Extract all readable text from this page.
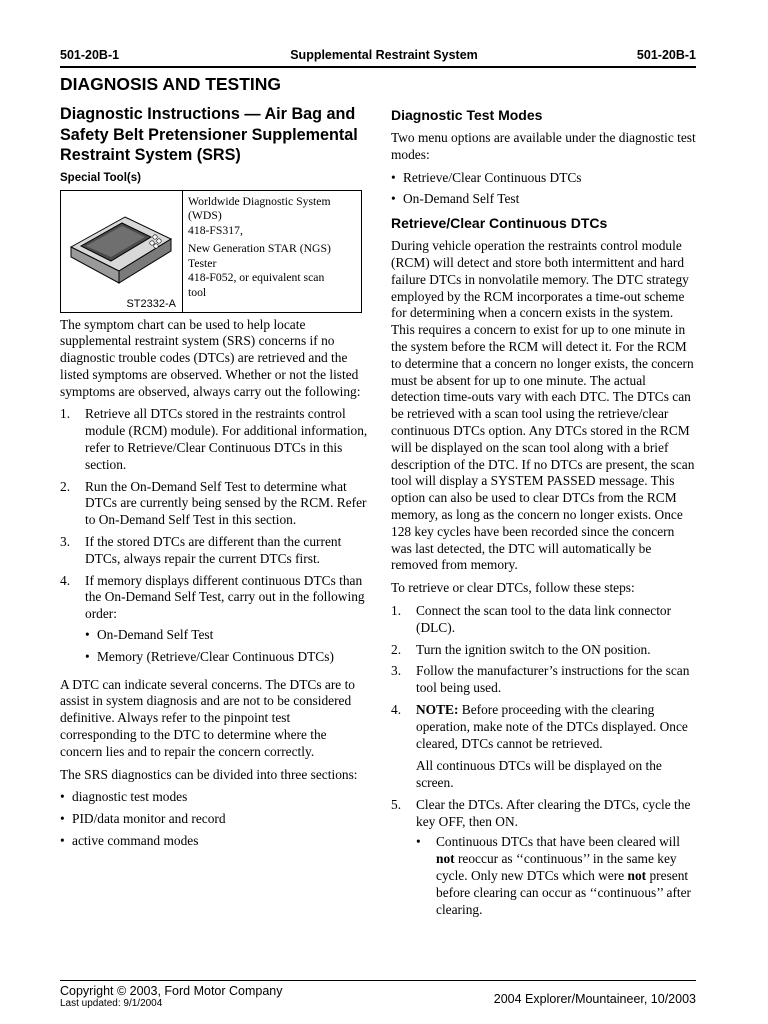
501-20B-1	Supplemental Restraint System	501-20B-1
DIAGNOSIS AND TESTING
Diagnostic Instructions — Air Bag and Safety Belt Pretensioner Supplemental Restraint System (SRS)
Special Tool(s)
ST2332-A
Worldwide Diagnostic System
(WDS)
418-FS317,
New Generation STAR (NGS)
Tester
418-F052, or equivalent scan
tool

The symptom chart can be used to help locate supplemental restraint system (SRS) concerns if no diagnostic trouble codes (DTCs) are retrieved and the listed symptoms are observed. Whether or not the listed symptoms are observed, always carry out the following:

1.	Retrieve all DTCs stored in the restraints control module (RCM) module). For additional information, refer to Retrieve/Clear Continuous DTCs in this section.
2.	Run the On-Demand Self Test to determine what DTCs are currently being sensed by the RCM. Refer to On-Demand Self Test in this section.
3.	If the stored DTCs are different than the current DTCs, always repair the current DTCs first.
4.	If memory displays different continuous DTCs than the On-Demand Self Test, carry out in the following order:
• On-Demand Self Test
• Memory (Retrieve/Clear Continuous DTCs)

A DTC can indicate several concerns. The DTCs are to assist in system diagnosis and are not to be considered definitive. Always refer to the pinpoint test corresponding to the DTC to determine where the concern lies and to repair the concern correctly.

The SRS diagnostics can be divided into three sections:

• diagnostic test modes
• PID/data monitor and record
• active command modes
Diagnostic Test Modes

Two menu options are available under the diagnostic test modes:

• Retrieve/Clear Continuous DTCs
• On-Demand Self Test
Retrieve/Clear Continuous DTCs

During vehicle operation the restraints control module (RCM) will detect and store both intermittent and hard failure DTCs in nonvolatile memory. The DTC strategy employed by the RCM incorporates a time-out scheme for determining when a concern exists in the system. This requires a concern to exist for up to one minute in the system before the RCM will detect it. For the RCM to determine that a concern no longer exists, the concern must be absent for up to one minute. The actual detection time-outs vary with each DTC. The DTCs can be retrieved with a scan tool using the retrieve/clear continuous DTCs option. Any DTCs stored in the RCM will be displayed on the scan tool along with a brief description of the DTC. If no DTCs are present, the scan tool will display a SYSTEM PASSED message. This option can also be used to clear DTCs from the RCM memory, as long as the concern no longer exists. Once 128 key cycles have been recorded since the concern was last detected, the DTC will automatically be removed from memory.

To retrieve or clear DTCs, follow these steps:

1.	Connect the scan tool to the data link connector (DLC).
2.	Turn the ignition switch to the ON position.
3.	Follow the manufacturer’s instructions for the scan tool being used.
4.	NOTE: Before proceeding with the clearing operation, make note of the DTCs displayed. Once cleared, DTCs cannot be retrieved.
All continuous DTCs will be displayed on the screen.
5.	Clear the DTCs. After clearing the DTCs, cycle the key OFF, then ON.
•	Continuous DTCs that have been cleared will not reoccur as ‘‘continuous’’ in the same key cycle. Only new DTCs which were not present before clearing can occur as ‘‘continuous’’ after clearing.
Copyright © 2003, Ford Motor Company
Last updated: 9/1/2004	2004 Explorer/Mountaineer, 10/2003
